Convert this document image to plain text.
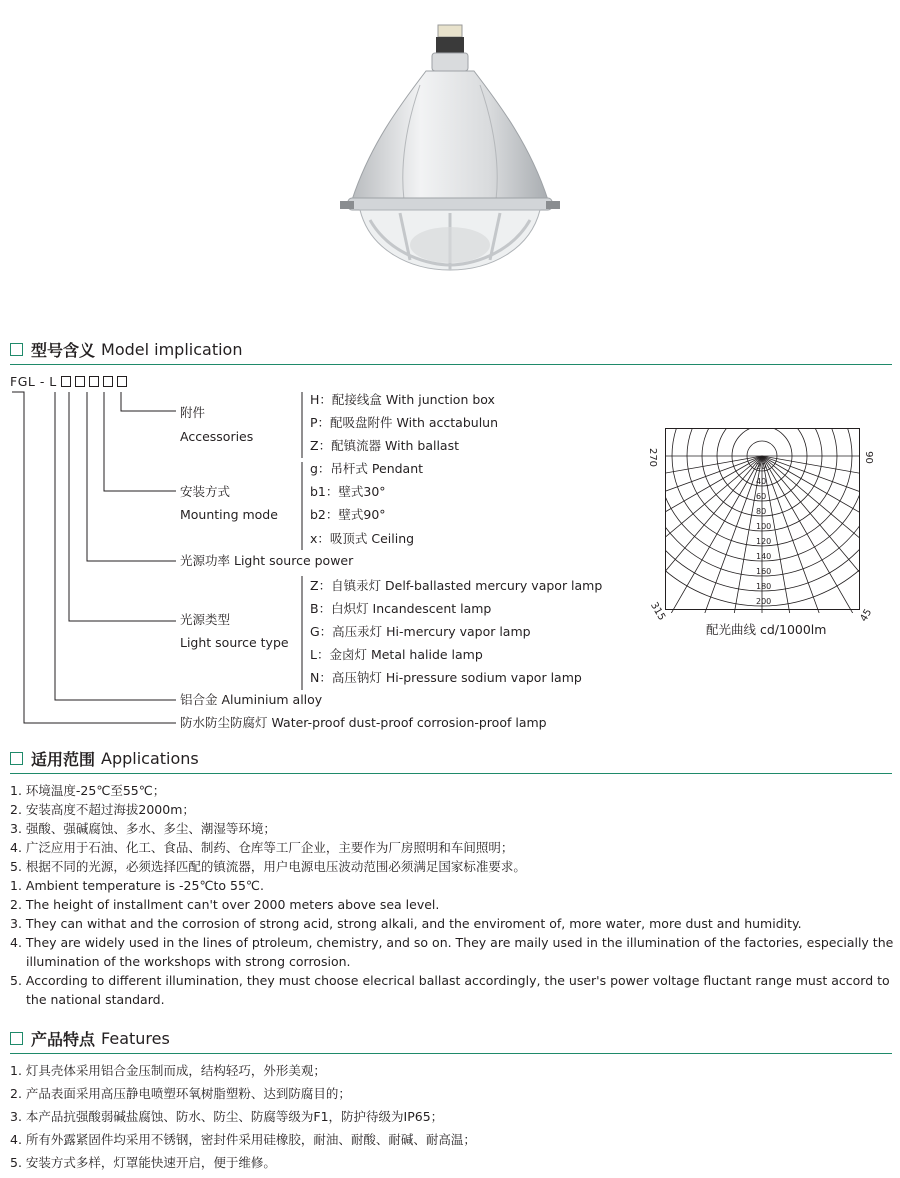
型号含义 Model implication
FGL - L
附件
Accessories
H：配接线盒 With junction box
P：配吸盘附件 With acctabulun
Z：配镇流器 With ballast
安装方式
Mounting mode
g：吊杆式 Pendant
b1：壁式30°
b2：壁式90°
x：吸顶式 Ceiling
光源功率 Light source power
光源类型
Light source type
Z：自镇汞灯 Delf-ballasted mercury vapor lamp
B：白炽灯 Incandescent lamp
G：高压汞灯 Hi-mercury vapor lamp
L：金卤灯 Metal halide lamp
N：高压钠灯 Hi-pressure sodium vapor lamp
铝合金 Aluminium alloy
防水防尘防腐灯 Water-proof dust-proof corrosion-proof lamp
270	90
315	45
20
40
60
80
100
120
140
160
180
200
配光曲线 cd/1000lm
适用范围 Applications
1. 环境温度-25℃至55℃；
2. 安装高度不超过海拔2000m；
3. 强酸、强碱腐蚀、多水、多尘、潮湿等环境；
4. 广泛应用于石油、化工、食品、制药、仓库等工厂企业，主要作为厂房照明和车间照明；
5. 根据不同的光源，必须选择匹配的镇流器，用户电源电压波动范围必须满足国家标准要求。
1. Ambient temperature is -25℃to 55℃.
2. The height of installment can't over 2000 meters above sea level.
3. They can withat and the corrosion of strong acid, strong alkali, and the enviroment of, more water, more dust and humidity.
4. They are widely used in the lines of ptroleum, chemistry, and so on. They are maily used in the illumination of the factories, especially the illumination of the workshops with strong corrosion.
5. According to different illumination, they must choose elecrical ballast accordingly, the user's power voltage fluctant range must accord to the national standard.
产品特点 Features
1. 灯具壳体采用铝合金压制而成，结构轻巧，外形美观；
2. 产品表面采用高压静电喷塑环氧树脂塑粉、达到防腐目的；
3. 本产品抗强酸弱碱盐腐蚀、防水、防尘、防腐等级为F1，防护待级为IP65；
4. 所有外露紧固件均采用不锈钢，密封件采用硅橡胶，耐油、耐酸、耐碱、耐高温；
5. 安装方式多样，灯罩能快速开启，便于维修。
